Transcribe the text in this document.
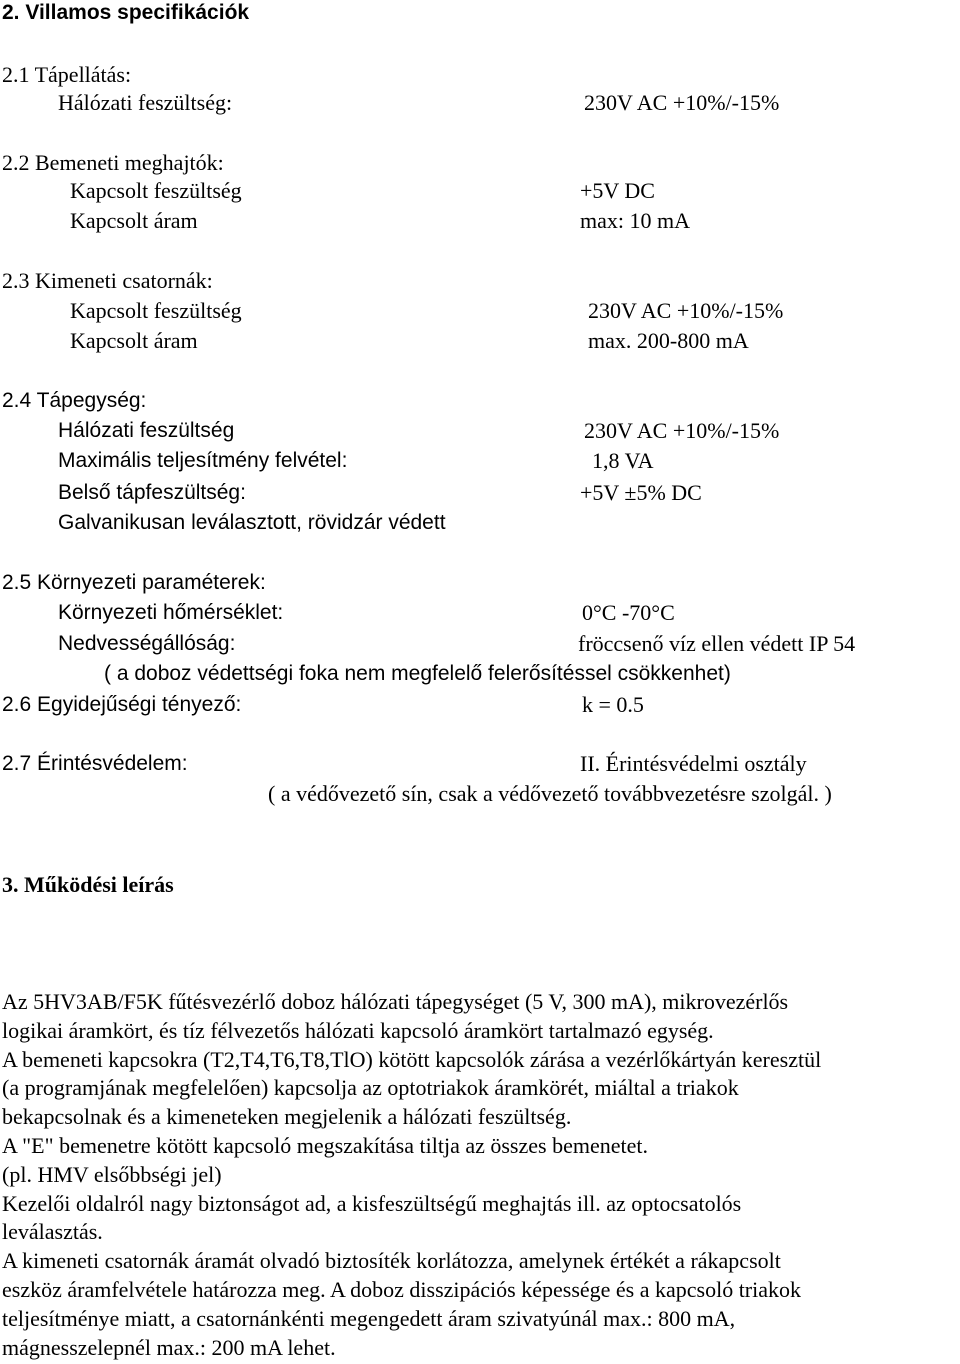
2. Villamos specifikációk
2.1 Tápellátás:
Hálózati feszültség:	230V AC +10%/-15%
2.2 Bemeneti meghajtók:
Kapcsolt feszültség	+5V DC
Kapcsolt áram	max: 10 mA
2.3 Kimeneti csatornák:
Kapcsolt feszültség	230V AC +10%/-15%
Kapcsolt áram	max. 200-800 mA
2.4 Tápegység:
Hálózati feszültség	230V AC +10%/-15%
Maximális teljesítmény felvétel:	1,8 VA
Belső tápfeszültség:	+5V ±5% DC
Galvanikusan leválasztott, rövidzár védett
2.5 Környezeti paraméterek:
Környezeti hőmérséklet:	0°C -70°C
Nedvességállóság:	fröccsenő víz ellen védett IP 54
( a doboz védettségi foka nem megfelelő felerősítéssel csökkenhet)
2.6 Egyidejűségi tényező:	k = 0.5
2.7 Érintésvédelem:	II. Érintésvédelmi osztály
( a védővezető sín, csak a védővezető továbbvezetésre szolgál. )
3. Működési leírás
Az 5HV3AB/F5K fűtésvezérlő doboz hálózati tápegységet (5 V, 300 mA), mikrovezérlős
logikai áramkört, és tíz félvezetős hálózati kapcsoló áramkört tartalmazó egység.
A bemeneti kapcsokra (T2,T4,T6,T8,TlO) kötött kapcsolók zárása a vezérlőkártyán keresztül
(a programjának megfelelően) kapcsolja az optotriakok áramkörét, miáltal a triakok
bekapcsolnak és a kimeneteken megjelenik a hálózati feszültség.
A "E" bemenetre kötött kapcsoló megszakítása tiltja az összes bemenetet.
(pl. HMV elsőbbségi jel)
Kezelői oldalról nagy biztonságot ad, a kisfeszültségű meghajtás ill. az optocsatolós
leválasztás.
A kimeneti csatornák áramát olvadó biztosíték korlátozza, amelynek értékét a rákapcsolt
eszköz áramfelvétele határozza meg. A doboz disszipációs képessége és a kapcsoló triakok
teljesítménye miatt, a csatornánkénti megengedett áram szivatyúnál max.: 800 mA,
mágnesszelepnél max.: 200 mA lehet.
